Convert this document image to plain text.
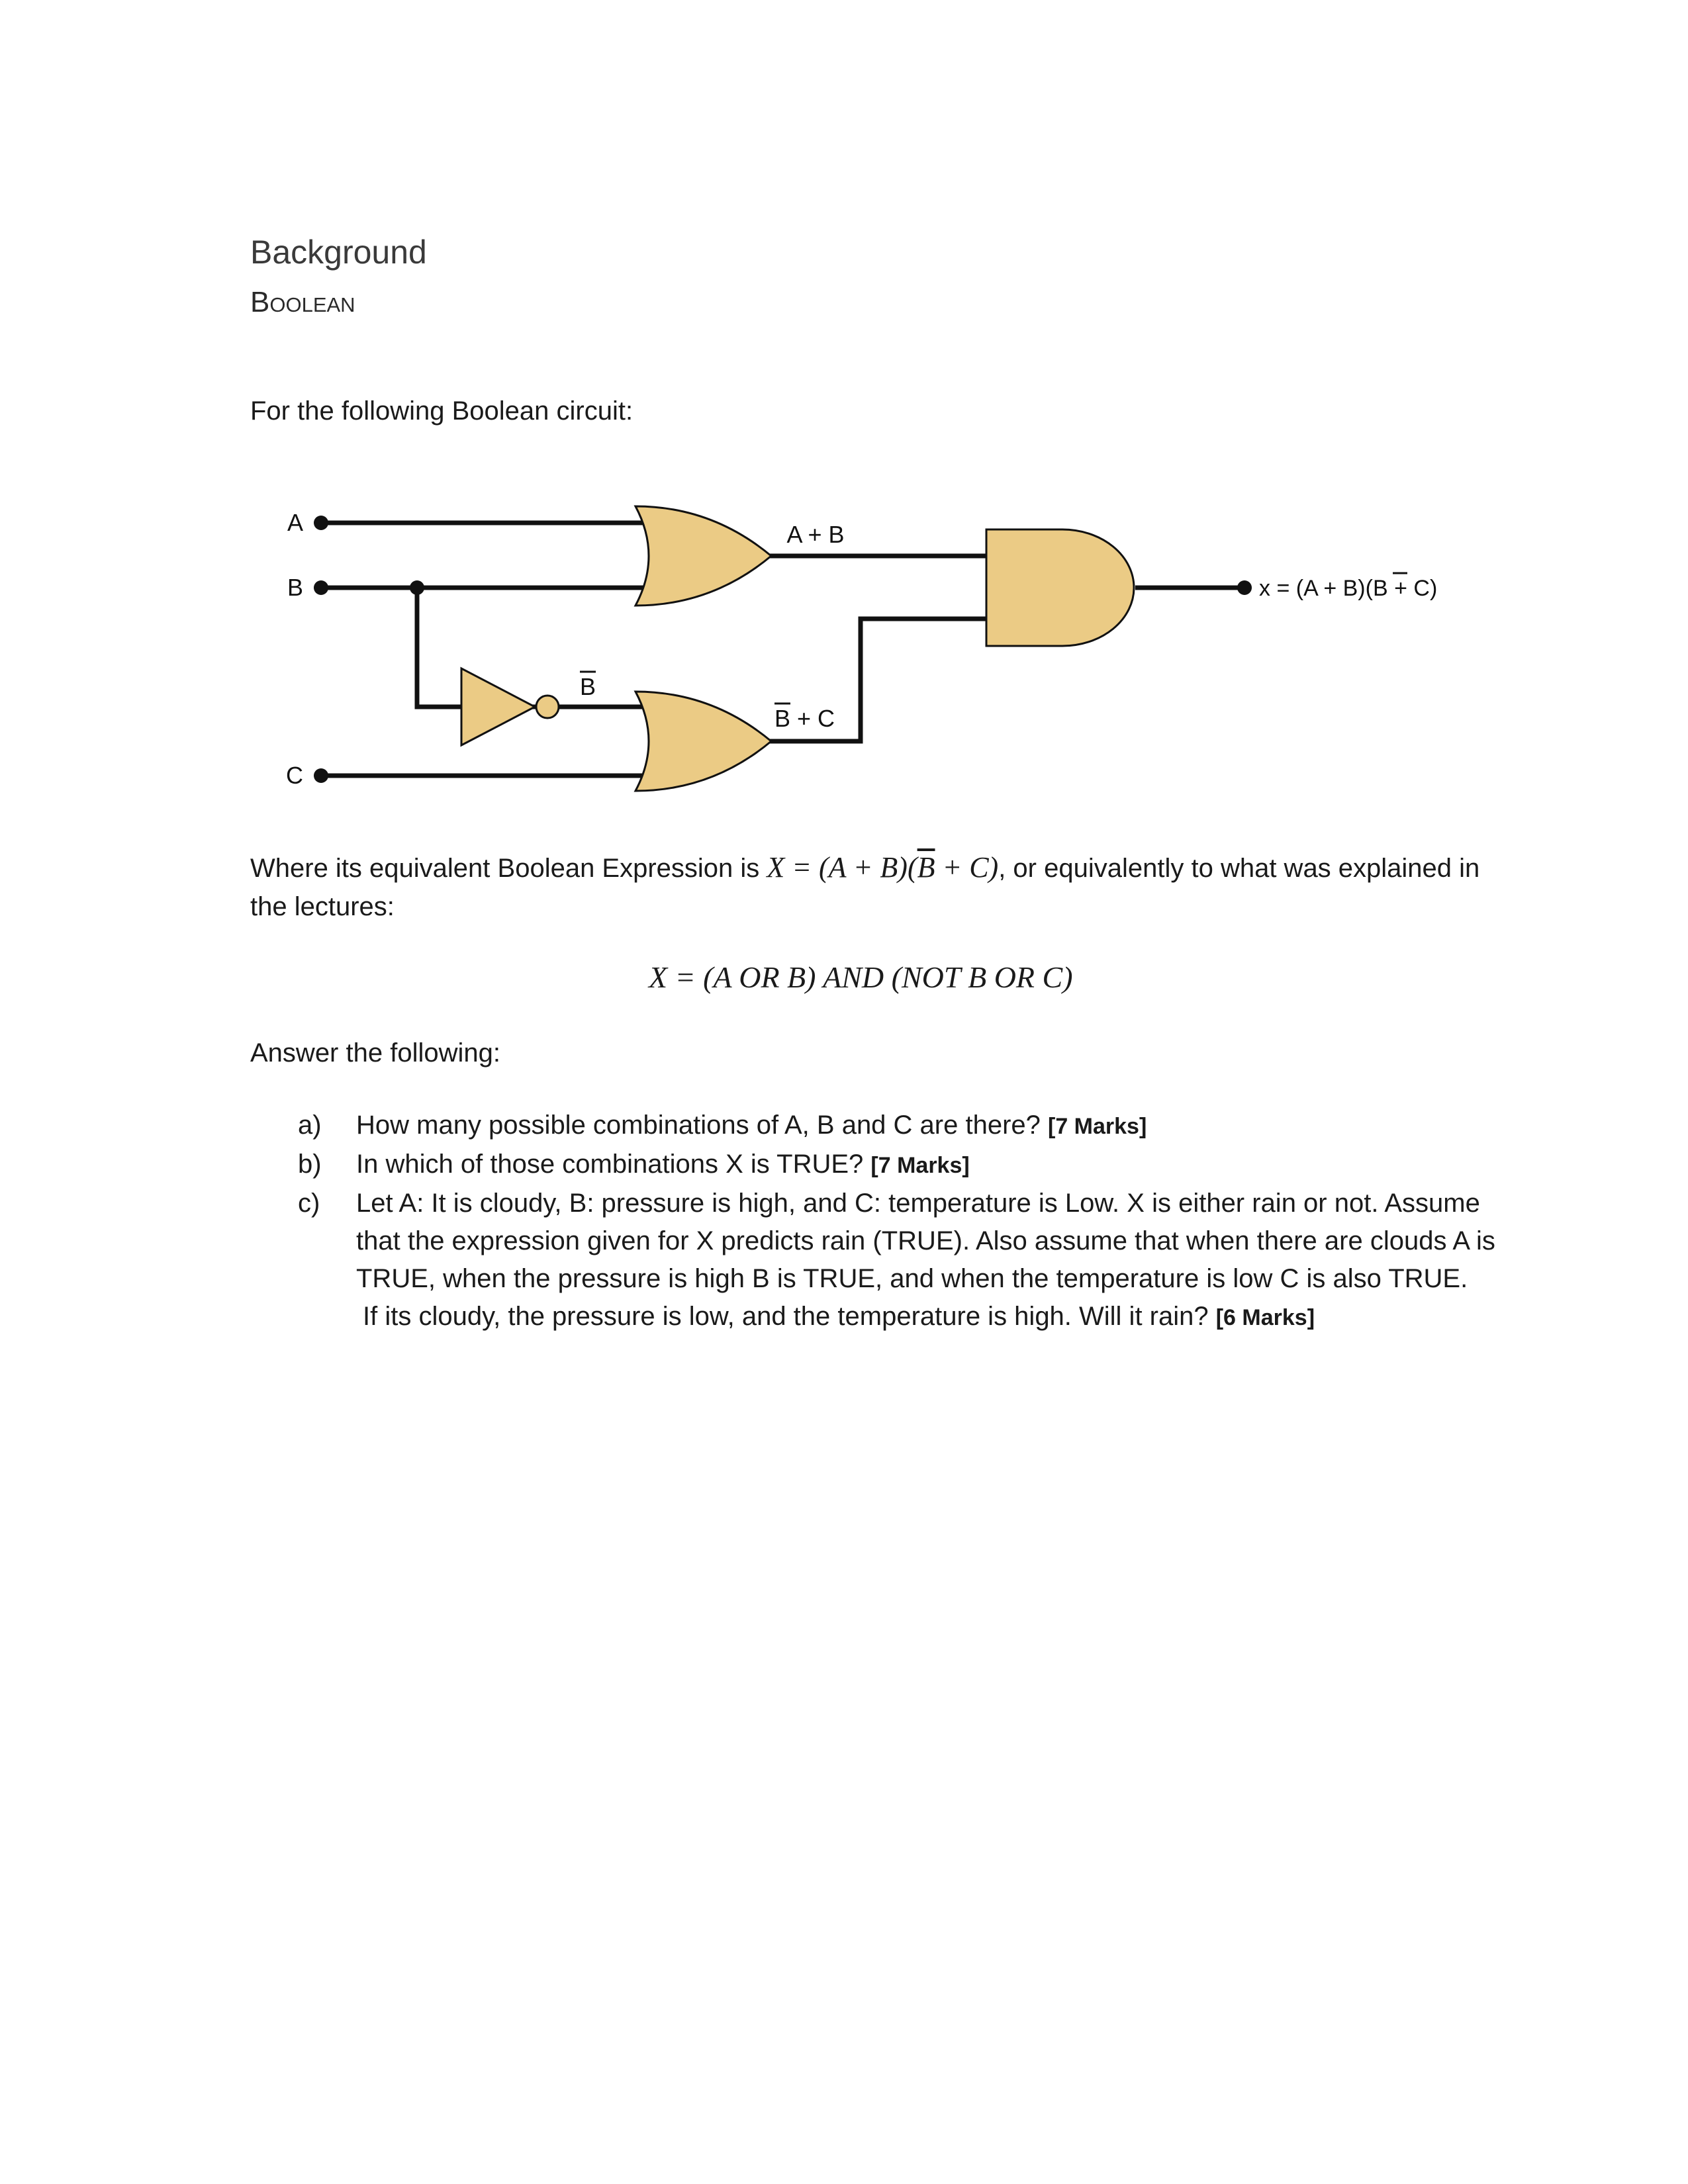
Background
Boolean
For the following Boolean circuit:
A
B
C
A + B
B
B + C
x = (A + B)(B + C)
Where its equivalent Boolean Expression is $X = (A + B)(\overline{B} + C)$, or equivalently to what was explained in the lectures:
X = (A OR B) AND (NOT B OR C)
Answer the following:
a)	How many possible combinations of A, B and C are there? [7 Marks]
b)	In which of those combinations X is TRUE? [7 Marks]
c)	Let A: It is cloudy, B: pressure is high, and C: temperature is Low. X is either rain or not. Assume that the expression given for X predicts rain (TRUE). Also assume that when there are clouds A is TRUE, when the pressure is high B is TRUE, and when the temperature is low C is also TRUE.
If its cloudy, the pressure is low, and the temperature is high. Will it rain? [6 Marks]
